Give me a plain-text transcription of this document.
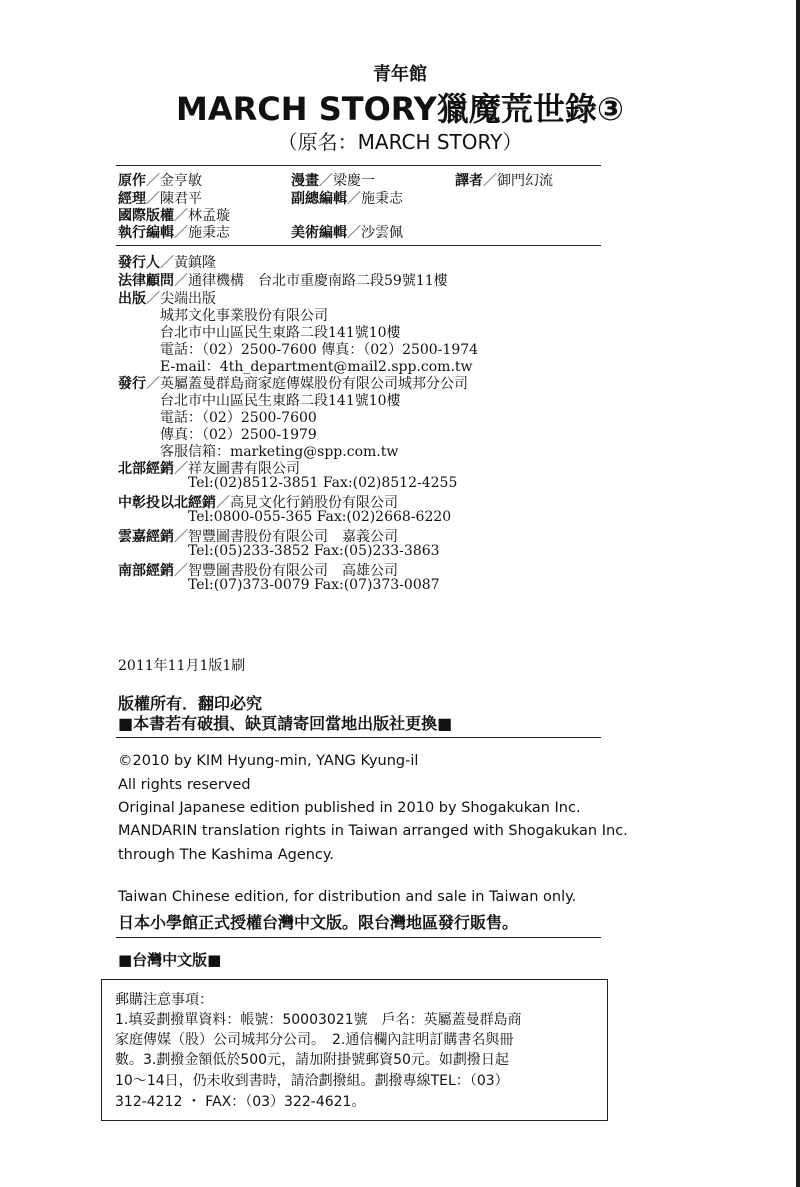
青年館
MARCH STORY獵魔荒世錄③
（原名：MARCH STORY）
原作／金亨敏	漫畫／梁慶一	譯者／御門幻流
經理／陳君平	副總編輯／施秉志
國際版權／林孟璇
執行編輯／施秉志	美術編輯／沙雲佩
發行人／黃鎮隆
法律顧問／通律機構　台北市重慶南路二段59號11樓
出版／尖端出版
城邦文化事業股份有限公司
台北市中山區民生東路二段141號10樓
電話：（02）2500-7600 傳真：（02）2500-1974
E-mail：4th_department@mail2.spp.com.tw
發行／英屬蓋曼群島商家庭傳媒股份有限公司城邦分公司
台北市中山區民生東路二段141號10樓
電話：（02）2500-7600
傳真：（02）2500-1979
客服信箱：marketing@spp.com.tw
北部經銷／祥友圖書有限公司
Tel:(02)8512-3851 Fax:(02)8512-4255
中彰投以北經銷／高見文化行銷股份有限公司
Tel:0800-055-365 Fax:(02)2668-6220
雲嘉經銷／智豐圖書股份有限公司　嘉義公司
Tel:(05)233-3852 Fax:(05)233-3863
南部經銷／智豐圖書股份有限公司　高雄公司
Tel:(07)373-0079 Fax:(07)373-0087
2011年11月1版1刷
版權所有．翻印必究
■本書若有破損、缺頁請寄回當地出版社更換■
©2010 by KIM Hyung-min, YANG Kyung-il
All rights reserved
Original Japanese edition published in 2010 by Shogakukan Inc.
MANDARIN translation rights in Taiwan arranged with Shogakukan Inc.
through The Kashima Agency.
Taiwan Chinese edition, for distribution and sale in Taiwan only.
日本小學館正式授權台灣中文版。限台灣地區發行販售。
■台灣中文版■
郵購注意事項：
1.填妥劃撥單資料：帳號：50003021號　戶名：英屬蓋曼群島商
家庭傳媒（股）公司城邦分公司。　2.通信欄內註明訂購書名與冊
數。3.劃撥金額低於500元，請加附掛號郵資50元。如劃撥日起
10～14日，仍未收到書時，請洽劃撥組。劃撥專線TEL：（03）
312-4212 ・ FAX：（03）322-4621。
